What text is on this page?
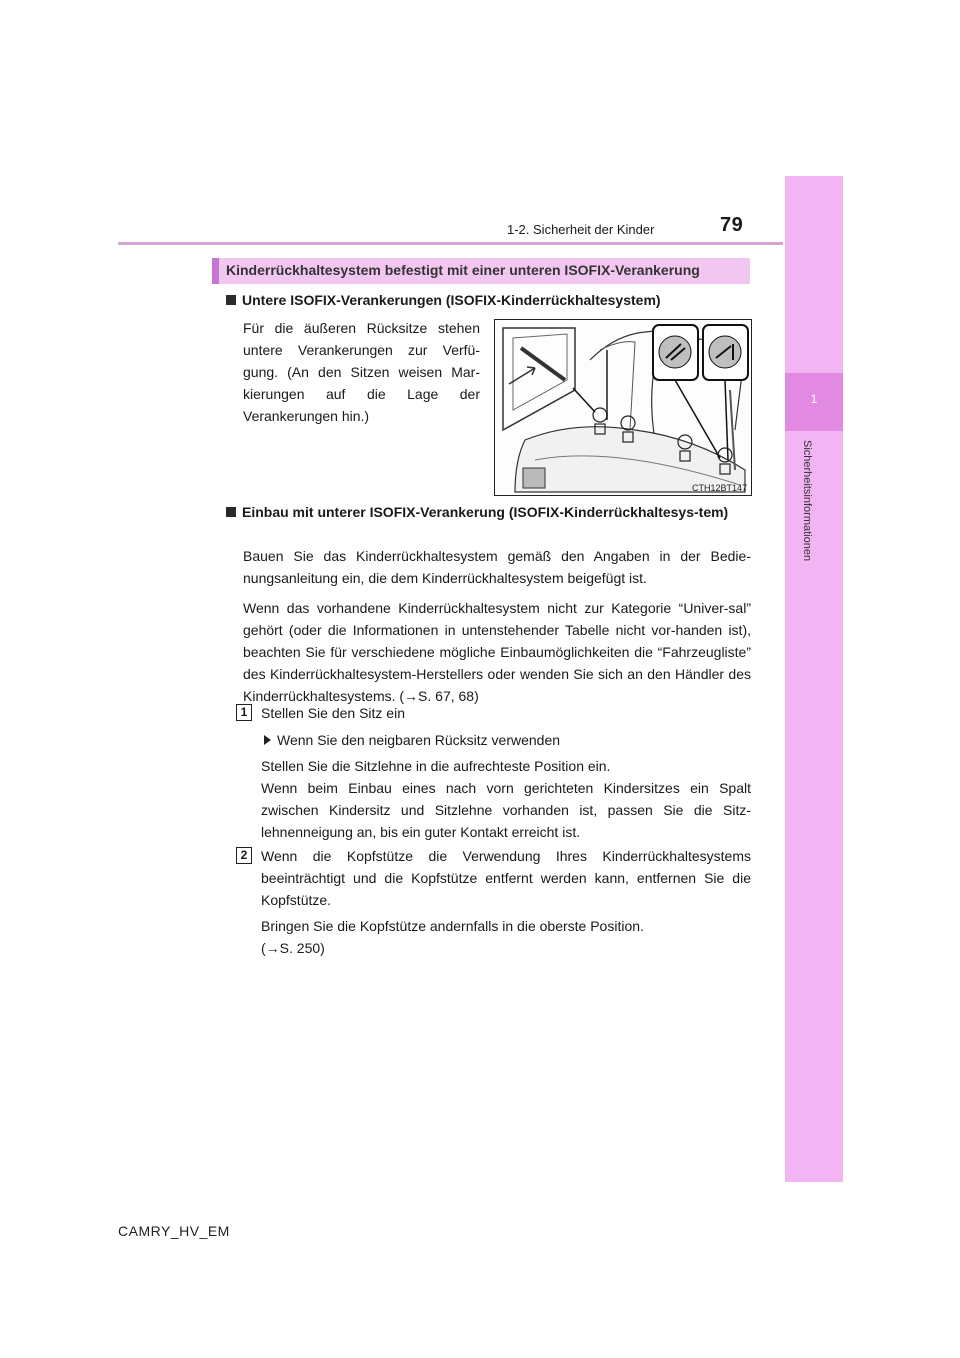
1-2. Sicherheit der Kinder	79
1
Sicherheitsinformationen
Kinderrückhaltesystem befestigt mit einer unteren ISOFIX-Verankerung
Untere ISOFIX-Verankerungen (ISOFIX-Kinderrückhaltesystem)
Für die äußeren Rücksitze stehen untere Verankerungen zur Verfü-gung. (An den Sitzen weisen Mar-kierungen auf die Lage der Verankerungen hin.)
CTH12BT147
Einbau mit unterer ISOFIX-Verankerung (ISOFIX-Kinderrückhaltesys-tem)
Bauen Sie das Kinderrückhaltesystem gemäß den Angaben in der Bedie-nungsanleitung ein, die dem Kinderrückhaltesystem beigefügt ist.
Wenn das vorhandene Kinderrückhaltesystem nicht zur Kategorie “Univer-sal” gehört (oder die Informationen in untenstehender Tabelle nicht vor-handen ist), beachten Sie für verschiedene mögliche Einbaumöglichkeiten die “Fahrzeugliste” des Kinderrückhaltesystem-Herstellers oder wenden Sie sich an den Händler des Kinderrückhaltesystems. (→S. 67, 68)
1 Stellen Sie den Sitz ein
Wenn Sie den neigbaren Rücksitz verwenden
Stellen Sie die Sitzlehne in die aufrechteste Position ein.
Wenn beim Einbau eines nach vorn gerichteten Kindersitzes ein Spalt zwischen Kindersitz und Sitzlehne vorhanden ist, passen Sie die Sitz-lehnenneigung an, bis ein guter Kontakt erreicht ist.
2 Wenn die Kopfstütze die Verwendung Ihres Kinderrückhaltesystems beeinträchtigt und die Kopfstütze entfernt werden kann, entfernen Sie die Kopfstütze.
Bringen Sie die Kopfstütze andernfalls in die oberste Position.
(→S. 250)
CAMRY_HV_EM
